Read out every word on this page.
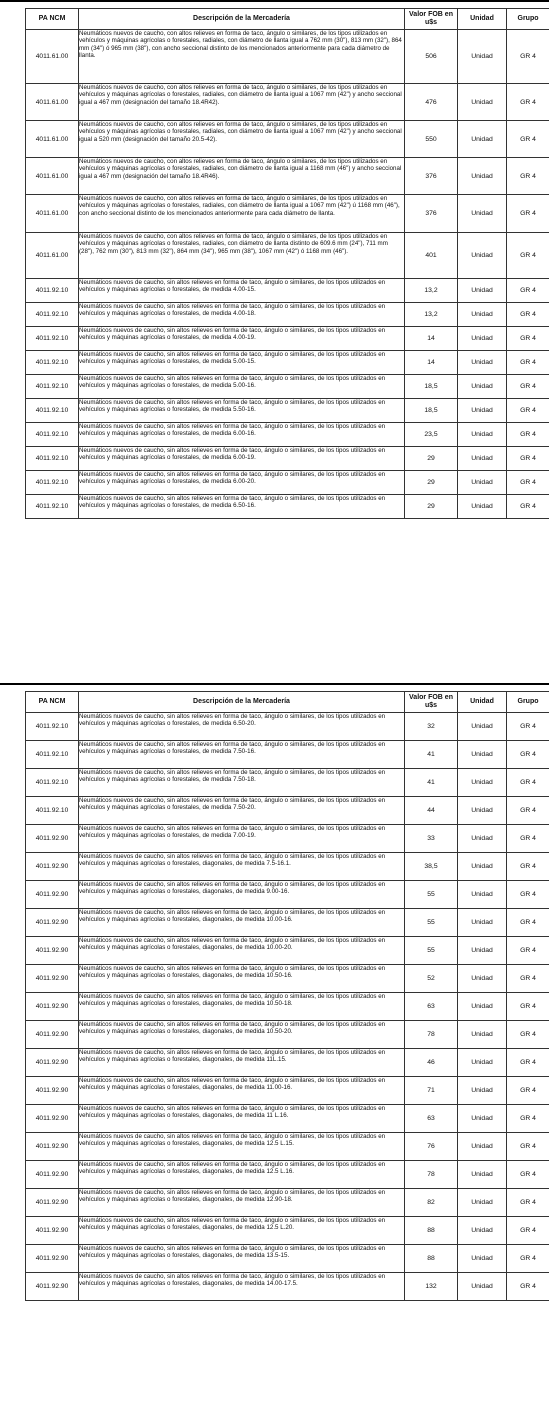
PA NCM	Descripción de la Mercadería	Valor FOB en u$s	Unidad	Grupo
4011.61.00	Neumáticos nuevos de caucho, con altos relieves en forma de taco, ángulo o similares, de los tipos utilizados en vehículos y máquinas agrícolas o forestales, radiales, con diámetro de llanta igual a 762 mm (30"), 813 mm (32"), 864 mm (34") ó 965 mm (38"), con ancho seccional distinto de los mencionados anteriormente para cada diámetro de llanta.	506	Unidad	GR 4
4011.61.00	Neumáticos nuevos de caucho, con altos relieves en forma de taco, ángulo o similares, de los tipos utilizados en vehículos y máquinas agrícolas o forestales, radiales, con diámetro de llanta igual a 1067 mm (42") y ancho seccional igual a 467 mm (designación del tamaño 18.4R42).	476	Unidad	GR 4
4011.61.00	Neumáticos nuevos de caucho, con altos relieves en forma de taco, ángulo o similares, de los tipos utilizados en vehículos y máquinas agrícolas o forestales, radiales, con diámetro de llanta igual a 1067 mm (42") y ancho seccional igual a 520 mm (designación del tamaño 20.5-42).	550	Unidad	GR 4
4011.61.00	Neumáticos nuevos de caucho, con altos relieves en forma de taco, ángulo o similares, de los tipos utilizados en vehículos y máquinas agrícolas o forestales, radiales, con diámetro de llanta igual a 1168 mm (46") y ancho seccional igual a 467 mm (designación del tamaño 18.4R46).	376	Unidad	GR 4
4011.61.00	Neumáticos nuevos de caucho, con altos relieves en forma de taco, ángulo o similares, de los tipos utilizados en vehículos y máquinas agrícolas o forestales, radiales, con diámetro de llanta igual a 1067 mm (42") ú 1168 mm (46"), con ancho seccional distinto de los mencionados anteriormente para cada diámetro de llanta.	376	Unidad	GR 4
4011.61.00	Neumáticos nuevos de caucho, con altos relieves en forma de taco, ángulo o similares, de los tipos utilizados en vehículos y máquinas agrícolas o forestales, radiales, con diámetro de llanta distinto de 609.6 mm (24"), 711 mm (28"), 762 mm (30"), 813 mm (32"), 864 mm (34"), 965 mm (38"), 1067 mm (42") ó 1168 mm (46").	401	Unidad	GR 4
4011.92.10	Neumáticos nuevos de caucho, sin altos relieves en forma de taco, ángulo o similares, de los tipos utilizados en vehículos y máquinas agrícolas o forestales, de medida 4.00-15.	13,2	Unidad	GR 4
4011.92.10	Neumáticos nuevos de caucho, sin altos relieves en forma de taco, ángulo o similares, de los tipos utilizados en vehículos y máquinas agrícolas o forestales, de medida 4.00-18.	13,2	Unidad	GR 4
4011.92.10	Neumáticos nuevos de caucho, sin altos relieves en forma de taco, ángulo o similares, de los tipos utilizados en vehículos y máquinas agrícolas o forestales, de medida 4.00-19.	14	Unidad	GR 4
4011.92.10	Neumáticos nuevos de caucho, sin altos relieves en forma de taco, ángulo o similares, de los tipos utilizados en vehículos y máquinas agrícolas o forestales, de medida 5.00-15.	14	Unidad	GR 4
4011.92.10	Neumáticos nuevos de caucho, sin altos relieves en forma de taco, ángulo o similares, de los tipos utilizados en vehículos y máquinas agrícolas o forestales, de medida 5.00-16.	18,5	Unidad	GR 4
4011.92.10	Neumáticos nuevos de caucho, sin altos relieves en forma de taco, ángulo o similares, de los tipos utilizados en vehículos y máquinas agrícolas o forestales, de medida 5.50-16.	18,5	Unidad	GR 4
4011.92.10	Neumáticos nuevos de caucho, sin altos relieves en forma de taco, ángulo o similares, de los tipos utilizados en vehículos y máquinas agrícolas o forestales, de medida 6.00-16.	23,5	Unidad	GR 4
4011.92.10	Neumáticos nuevos de caucho, sin altos relieves en forma de taco, ángulo o similares, de los tipos utilizados en vehículos y máquinas agrícolas o forestales, de medida 6.00-19.	29	Unidad	GR 4
4011.92.10	Neumáticos nuevos de caucho, sin altos relieves en forma de taco, ángulo o similares, de los tipos utilizados en vehículos y máquinas agrícolas o forestales, de medida 6.00-20.	29	Unidad	GR 4
4011.92.10	Neumáticos nuevos de caucho, sin altos relieves en forma de taco, ángulo o similares, de los tipos utilizados en vehículos y máquinas agrícolas o forestales, de medida 6.50-16.	29	Unidad	GR 4
PA NCM	Descripción de la Mercadería	Valor FOB en u$s	Unidad	Grupo
4011.92.10	Neumáticos nuevos de caucho, sin altos relieves en forma de taco, ángulo o similares, de los tipos utilizados en vehículos y máquinas agrícolas o forestales, de medida 6.50-20.	32	Unidad	GR 4
4011.92.10	Neumáticos nuevos de caucho, sin altos relieves en forma de taco, ángulo o similares, de los tipos utilizados en vehículos y máquinas agrícolas o forestales, de medida 7.50-16.	41	Unidad	GR 4
4011.92.10	Neumáticos nuevos de caucho, sin altos relieves en forma de taco, ángulo o similares, de los tipos utilizados en vehículos y máquinas agrícolas o forestales, de medida 7.50-18.	41	Unidad	GR 4
4011.92.10	Neumáticos nuevos de caucho, sin altos relieves en forma de taco, ángulo o similares, de los tipos utilizados en vehículos y máquinas agrícolas o forestales, de medida 7.50-20.	44	Unidad	GR 4
4011.92.90	Neumáticos nuevos de caucho, sin altos relieves en forma de taco, ángulo o similares, de los tipos utilizados en vehículos y máquinas agrícolas o forestales, de medida 7.00-19.	33	Unidad	GR 4
4011.92.90	Neumáticos nuevos de caucho, sin altos relieves en forma de taco, ángulo o similares, de los tipos utilizados en vehículos y máquinas agrícolas o forestales, diagonales, de medida 7.5-16.1.	38,5	Unidad	GR 4
4011.92.90	Neumáticos nuevos de caucho, sin altos relieves en forma de taco, ángulo o similares, de los tipos utilizados en vehículos y máquinas agrícolas o forestales, diagonales, de medida 9.00-16.	55	Unidad	GR 4
4011.92.90	Neumáticos nuevos de caucho, sin altos relieves en forma de taco, ángulo o similares, de los tipos utilizados en vehículos y máquinas agrícolas o forestales, diagonales, de medida 10.00-16.	55	Unidad	GR 4
4011.92.90	Neumáticos nuevos de caucho, sin altos relieves en forma de taco, ángulo o similares, de los tipos utilizados en vehículos y máquinas agrícolas o forestales, diagonales, de medida 10.00-20.	55	Unidad	GR 4
4011.92.90	Neumáticos nuevos de caucho, sin altos relieves en forma de taco, ángulo o similares, de los tipos utilizados en vehículos y máquinas agrícolas o forestales, diagonales, de medida 10.50-16.	52	Unidad	GR 4
4011.92.90	Neumáticos nuevos de caucho, sin altos relieves en forma de taco, ángulo o similares, de los tipos utilizados en vehículos y máquinas agrícolas o forestales, diagonales, de medida 10.50-18.	63	Unidad	GR 4
4011.92.90	Neumáticos nuevos de caucho, sin altos relieves en forma de taco, ángulo o similares, de los tipos utilizados en vehículos y máquinas agrícolas o forestales, diagonales, de medida 10.50-20.	78	Unidad	GR 4
4011.92.90	Neumáticos nuevos de caucho, sin altos relieves en forma de taco, ángulo o similares, de los tipos utilizados en vehículos y máquinas agrícolas o forestales, diagonales, de medida 11L.15.	46	Unidad	GR 4
4011.92.90	Neumáticos nuevos de caucho, sin altos relieves en forma de taco, ángulo o similares, de los tipos utilizados en vehículos y máquinas agrícolas o forestales, diagonales, de medida 11.00-16.	71	Unidad	GR 4
4011.92.90	Neumáticos nuevos de caucho, sin altos relieves en forma de taco, ángulo o similares, de los tipos utilizados en vehículos y máquinas agrícolas o forestales, diagonales, de medida 11 L.16.	63	Unidad	GR 4
4011.92.90	Neumáticos nuevos de caucho, sin altos relieves en forma de taco, ángulo o similares, de los tipos utilizados en vehículos y máquinas agrícolas o forestales, diagonales, de medida 12.5 L.15.	76	Unidad	GR 4
4011.92.90	Neumáticos nuevos de caucho, sin altos relieves en forma de taco, ángulo o similares, de los tipos utilizados en vehículos y máquinas agrícolas o forestales, diagonales, de medida 12.5 L.16.	78	Unidad	GR 4
4011.92.90	Neumáticos nuevos de caucho, sin altos relieves en forma de taco, ángulo o similares, de los tipos utilizados en vehículos y máquinas agrícolas o forestales, diagonales, de medida 12.90-18.	82	Unidad	GR 4
4011.92.90	Neumáticos nuevos de caucho, sin altos relieves en forma de taco, ángulo o similares, de los tipos utilizados en vehículos y máquinas agrícolas o forestales, diagonales, de medida 12.5 L.20.	88	Unidad	GR 4
4011.92.90	Neumáticos nuevos de caucho, sin altos relieves en forma de taco, ángulo o similares, de los tipos utilizados en vehículos y máquinas agrícolas o forestales, diagonales, de medida 13.5-15.	88	Unidad	GR 4
4011.92.90	Neumáticos nuevos de caucho, sin altos relieves en forma de taco, ángulo o similares, de los tipos utilizados en vehículos y máquinas agrícolas o forestales, diagonales, de medida 14.00-17.5.	132	Unidad	GR 4
